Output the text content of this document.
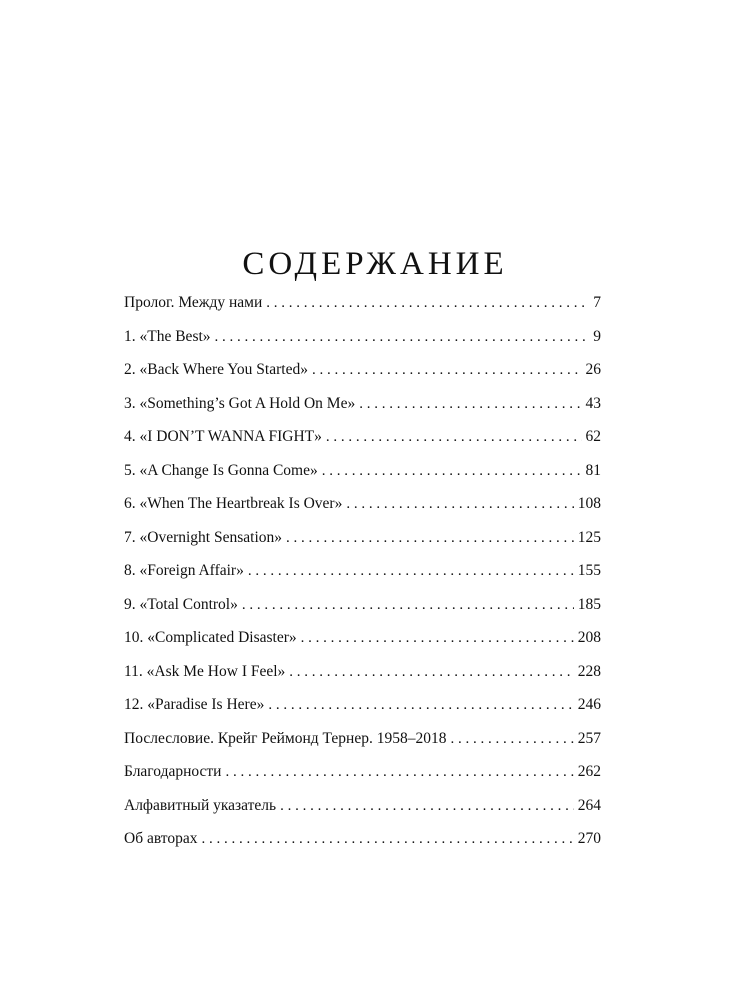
СОДЕРЖАНИЕ
Пролог. Между нами . . .	7
1. «The Best» . . .	9
2. «Back Where You Started» . . .	26
3. «Something’s Got A Hold On Me» . . .	43
4. «I DON’T WANNA FIGHT» . . .	62
5. «A Change Is Gonna Come» . . .	81
6. «When The Heartbreak Is Over» . . .	108
7. «Overnight Sensation» . . .	125
8. «Foreign Affair» . . .	155
9. «Total Control» . . .	185
10. «Complicated Disaster» . . .	208
11. «Ask Me How I Feel» . . .	228
12. «Paradise Is Here» . . .	246
Послесловие. Крейг Реймонд Тернер. 1958–2018 . . .	257
Благодарности . . .	262
Алфавитный указатель . . .	264
Об авторах . . .	270
